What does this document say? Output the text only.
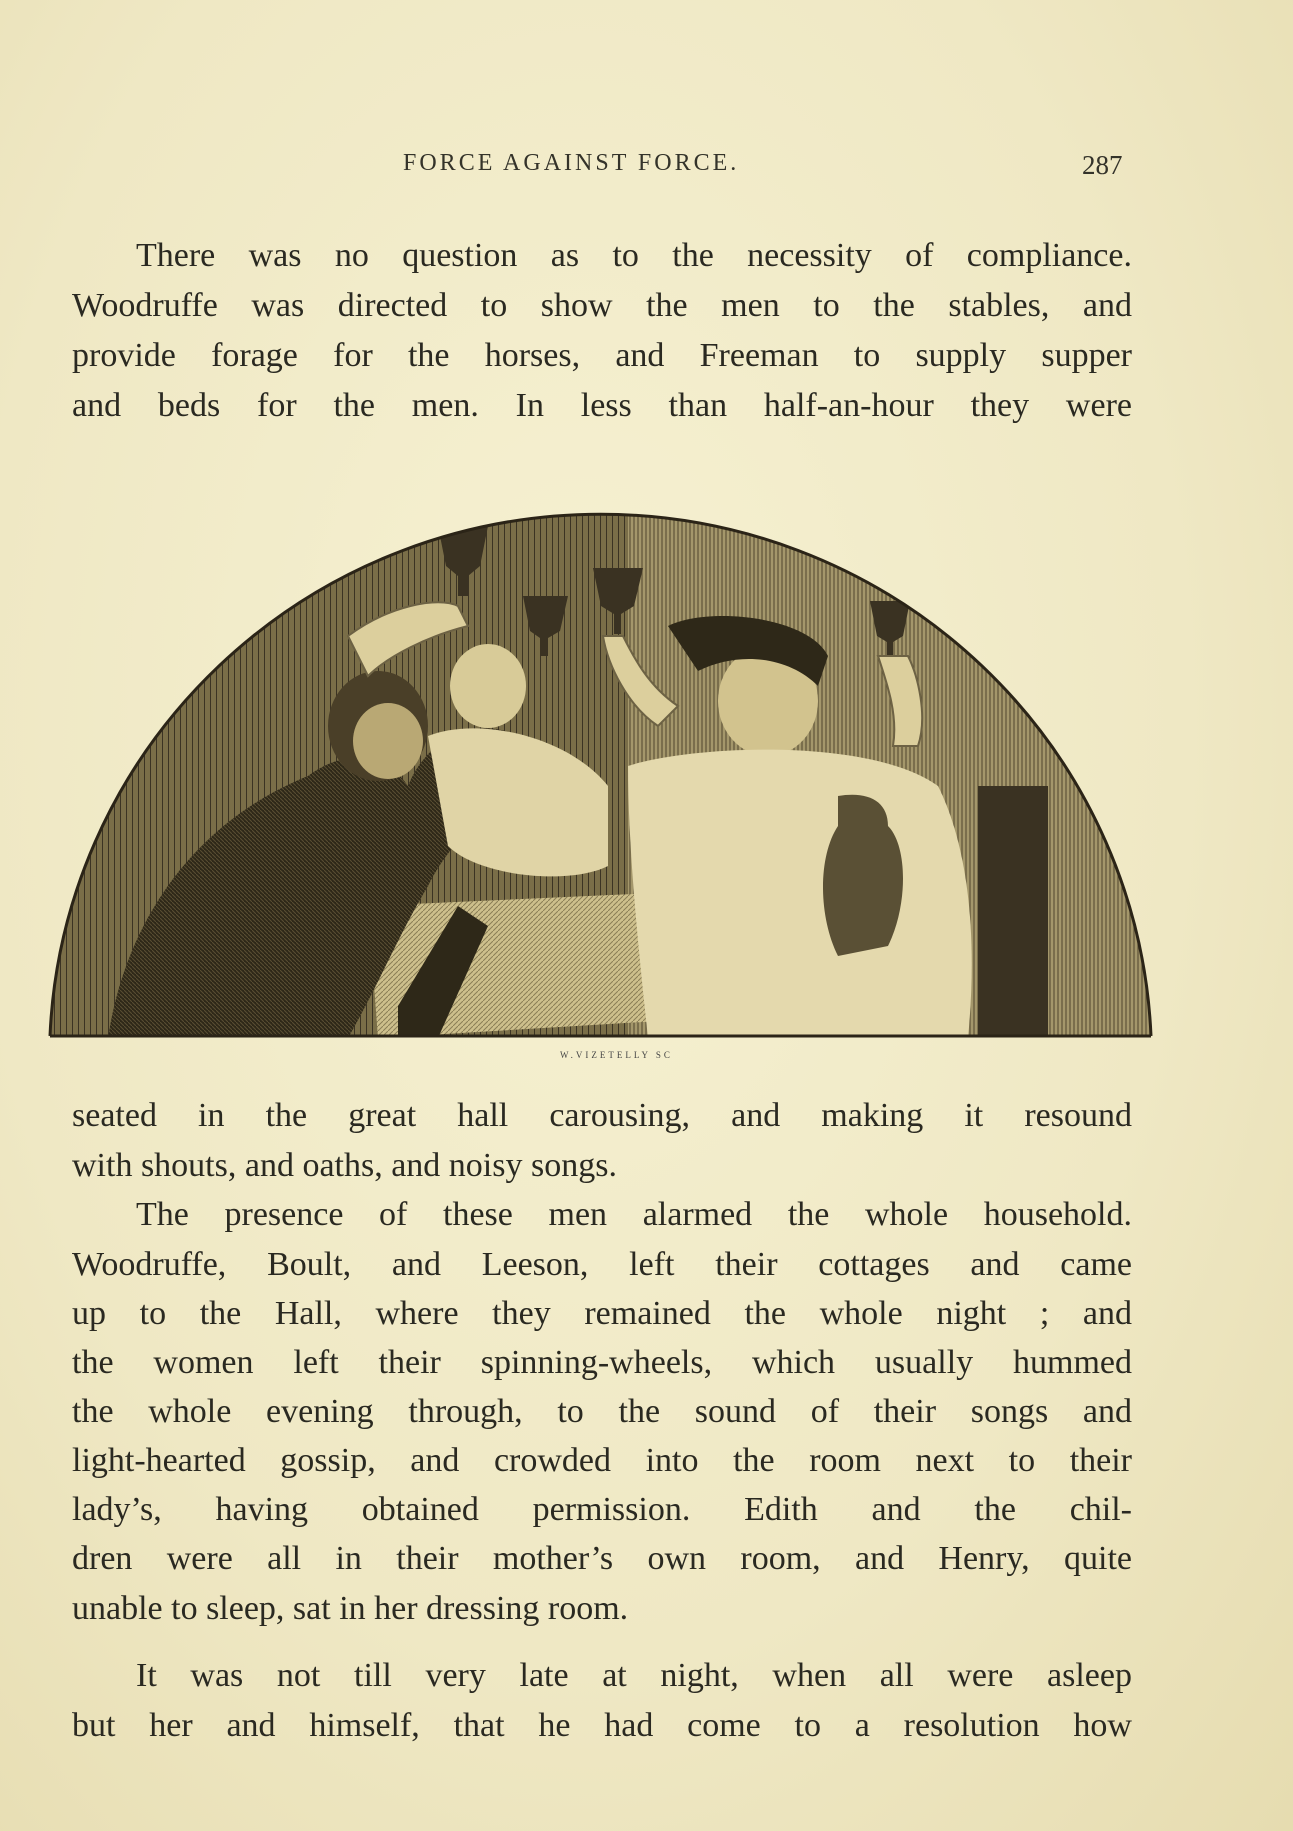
FORCE AGAINST FORCE.	287
There was no question as to the necessity of compliance.
Woodruffe was directed to show the men to the stables, and
provide forage for the horses, and Freeman to supply supper
and beds for the men. In less than half-an-hour they were
W.VIZETELLY SC
seated in the great hall carousing, and making it resound
with shouts, and oaths, and noisy songs.
The presence of these men alarmed the whole household.
Woodruffe, Boult, and Leeson, left their cottages and came
up to the Hall, where they remained the whole night ; and
the women left their spinning-wheels, which usually hummed
the whole evening through, to the sound of their songs and
light-hearted gossip, and crowded into the room next to their
lady’s, having obtained permission. Edith and the chil-
dren were all in their mother’s own room, and Henry, quite
unable to sleep, sat in her dressing room.
It was not till very late at night, when all were asleep
but her and himself, that he had come to a resolution how
